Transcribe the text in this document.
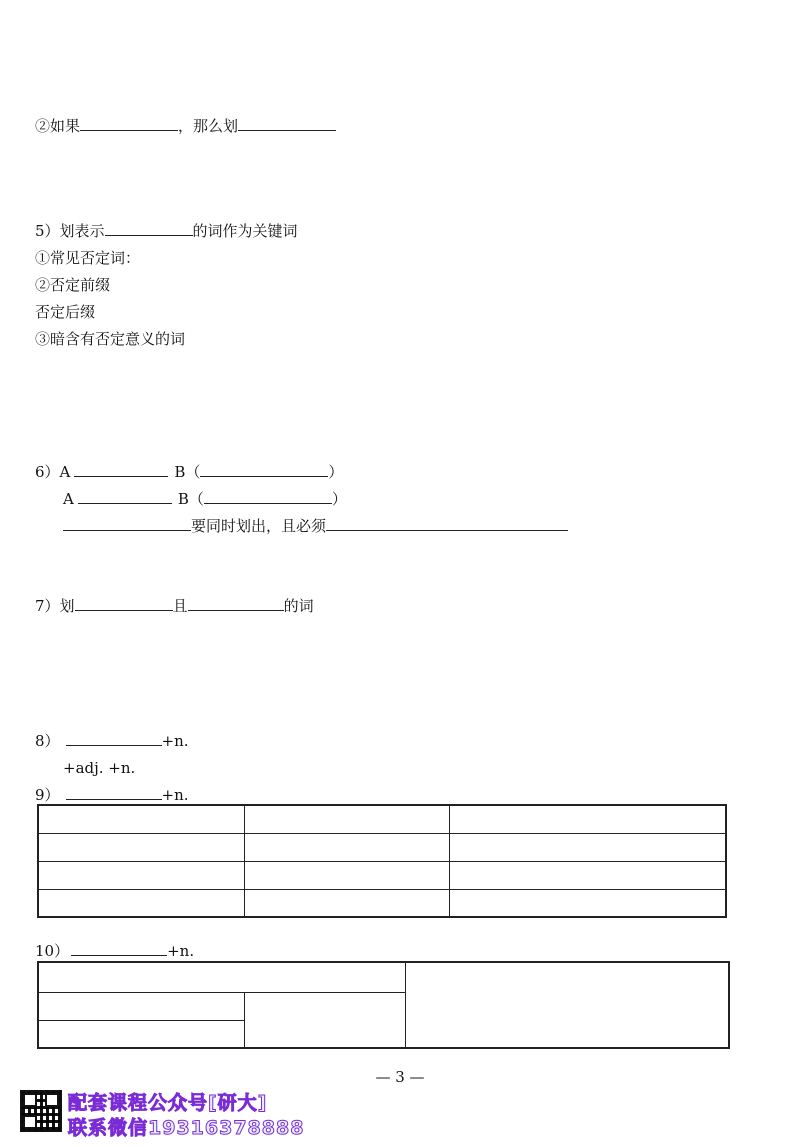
②如果	，那么划
5）划表示	的词作为关键词
①常见否定词：
②否定前缀
否定后缀
③暗含有否定意义的词
6）A	B（	）
A	B（	）
要同时划出，且必须
7）划	且	的词
8）	+n.
+adj. +n.
9）	+n.

10）	+n.
— 3 —
配套课程公众号[研大]
联系微信19316378888
